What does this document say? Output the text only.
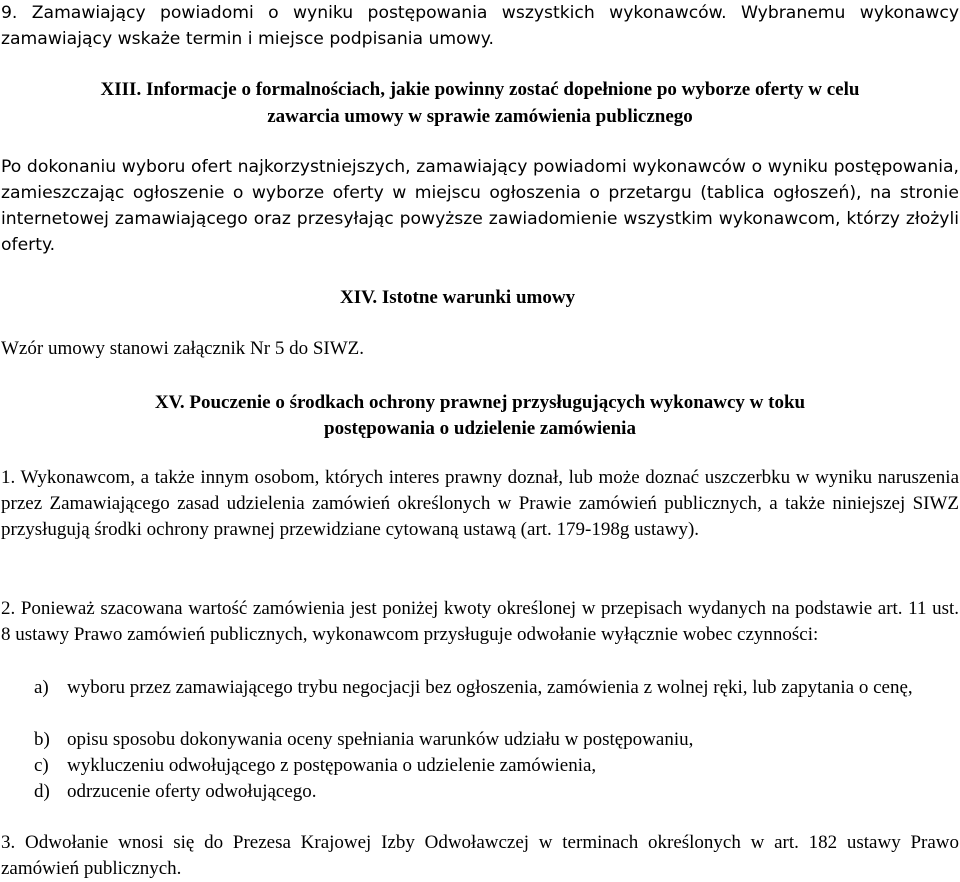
9. Zamawiający powiadomi o wyniku postępowania wszystkich wykonawców. Wybranemu wykonawcy zamawiający wskaże termin i miejsce podpisania umowy.

XIII. Informacje o formalnościach, jakie powinny zostać dopełnione po wyborze oferty w celu

zawarcia umowy w sprawie zamówienia publicznego

Po dokonaniu wyboru ofert najkorzystniejszych, zamawiający powiadomi wykonawców o wyniku postępowania, zamieszczając ogłoszenie o wyborze oferty w miejscu ogłoszenia o przetargu (tablica ogłoszeń), na stronie internetowej zamawiającego oraz przesyłając powyższe zawiadomienie wszystkim wykonawcom, którzy złożyli oferty.

XIV. Istotne warunki umowy

Wzór umowy stanowi załącznik Nr 5 do SIWZ.

XV. Pouczenie o środkach ochrony prawnej przysługujących wykonawcy w toku

postępowania o udzielenie zamówienia

1. Wykonawcom, a także innym osobom, których interes prawny doznał, lub może doznać uszczerbku w wyniku naruszenia przez Zamawiającego zasad udzielenia zamówień określonych w Prawie zamówień publicznych, a także niniejszej SIWZ przysługują środki ochrony prawnej przewidziane cytowaną ustawą (art. 179-198g ustawy).

2. Ponieważ szacowana wartość zamówienia jest poniżej kwoty określonej w przepisach wydanych na podstawie art. 11 ust. 8 ustawy Prawo zamówień publicznych, wykonawcom przysługuje odwołanie wyłącznie wobec czynności:

a) wyboru przez zamawiającego trybu negocjacji bez ogłoszenia, zamówienia z wolnej ręki, lub zapytania o cenę,
b) opisu sposobu dokonywania oceny spełniania warunków udziału w postępowaniu,
c) wykluczeniu odwołującego z postępowania o udzielenie zamówienia,
d) odrzucenie oferty odwołującego.

3. Odwołanie wnosi się do Prezesa Krajowej Izby Odwoławczej w terminach określonych w art. 182 ustawy Prawo zamówień publicznych.
